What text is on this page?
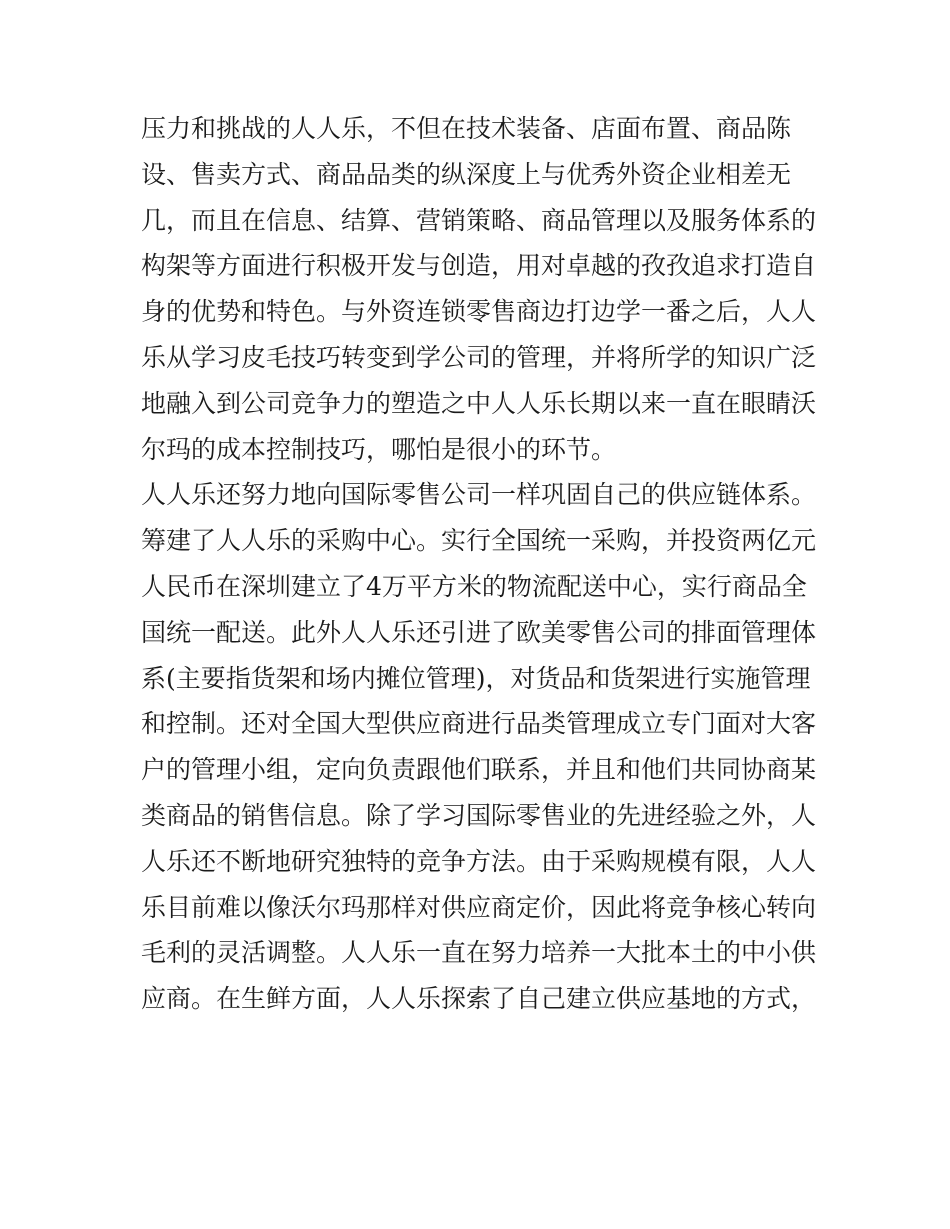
压力和挑战的人人乐，不但在技术装备、店面布置、商品陈
设、售卖方式、商品品类的纵深度上与优秀外资企业相差无
几，而且在信息、结算、营销策略、商品管理以及服务体系的
构架等方面进行积极开发与创造，用对卓越的孜孜追求打造自
身的优势和特色。与外资连锁零售商边打边学一番之后，人人
乐从学习皮毛技巧转变到学公司的管理，并将所学的知识广泛
地融入到公司竞争力的塑造之中人人乐长期以来一直在眼睛沃
尔玛的成本控制技巧，哪怕是很小的环节。
人人乐还努力地向国际零售公司一样巩固自己的供应链体系。
筹建了人人乐的采购中心。实行全国统一采购，并投资两亿元
人民币在深圳建立了4万平方米的物流配送中心，实行商品全
国统一配送。此外人人乐还引进了欧美零售公司的排面管理体
系(主要指货架和场内摊位管理)，对货品和货架进行实施管理
和控制。还对全国大型供应商进行品类管理成立专门面对大客
户的管理小组，定向负责跟他们联系，并且和他们共同协商某
类商品的销售信息。除了学习国际零售业的先进经验之外，人
人乐还不断地研究独特的竞争方法。由于采购规模有限，人人
乐目前难以像沃尔玛那样对供应商定价，因此将竞争核心转向
毛利的灵活调整。人人乐一直在努力培养一大批本土的中小供
应商。在生鲜方面，人人乐探索了自己建立供应基地的方式，
